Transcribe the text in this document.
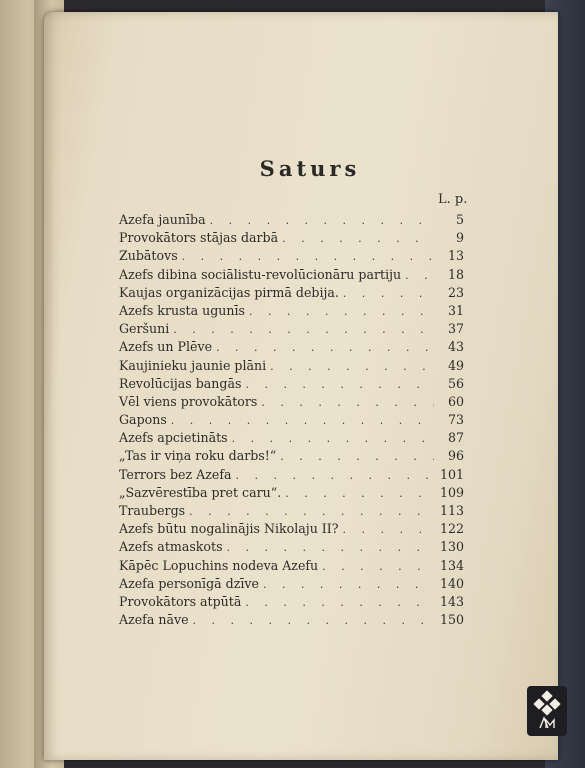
Saturs
L. p.
Azefa jaunība . . .	5
Provokātors stājas darbā . . .	9
Zubātovs . . .	13
Azefs dibina sociālistu-revolūcionāru partiju . . .	18
Kaujas organizācijas pirmā debija. . . .	23
Azefs krusta ugunīs . . .	31
Geršuni . . .	37
Azefs un Plēve . . .	43
Kaujinieku jaunie plāni . . .	49
Revolūcijas bangās . . .	56
Vēl viens provokātors . . .	60
Gapons . . .	73
Azefs apcietināts . . .	87
„Tas ir viņa roku darbs!“ . . .	96
Terrors bez Azefa . . .	101
„Sazvērestība pret caru“. . . .	109
Traubergs . . .	113
Azefs būtu nogalinājis Nikolaju II? . . .	122
Azefs atmaskots . . .	130
Kāpēc Lopuchins nodeva Azefu . . .	134
Azefa personīgā dzīve . . .	140
Provokātors atpūtā . . .	143
Azefa nāve . . .	150
